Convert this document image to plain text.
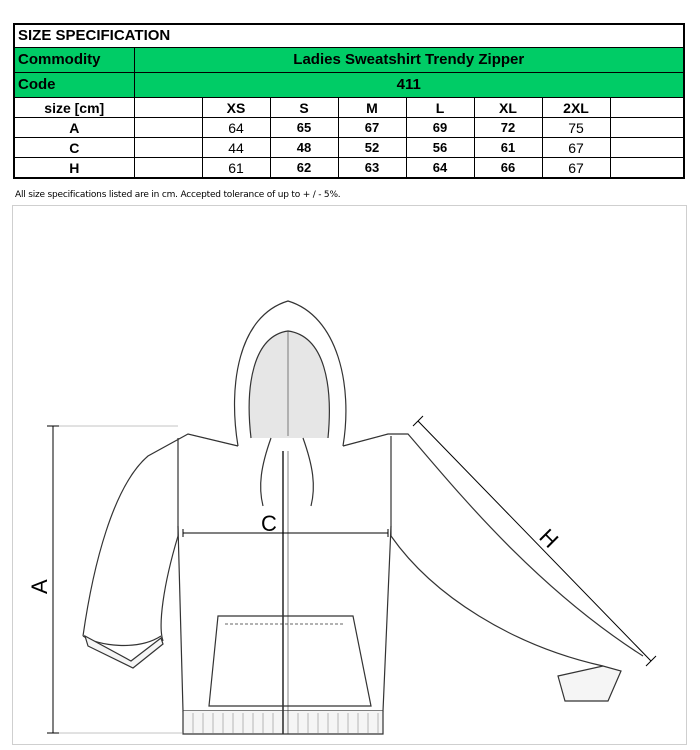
SIZE SPECIFICATION								
Commodity	Ladies Sweatshirt Trendy Zipper							
Code	411							
size [cm]		XS	S	M	L	XL	2XL	
A		64	65	67	69	72	75	
C		44	48	52	56	61	67	
H		61	62	63	64	66	67	
All size specifications listed are in cm. Accepted tolerance of up to + / - 5%.
A
C
H
